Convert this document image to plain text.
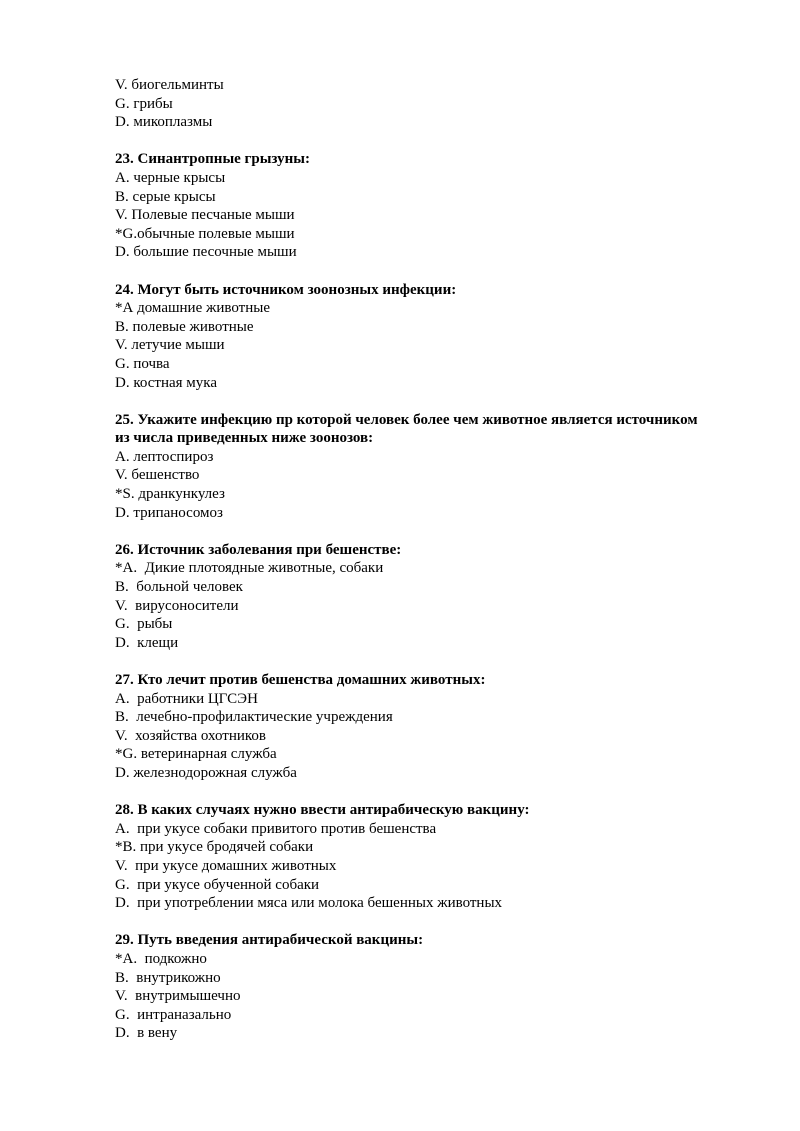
V. биогельминты
G. грибы
D. микоплазмы
23. Синантропные грызуны:
A. черные крысы
B. серые крысы
V. Полевые песчаные мыши
*G.обычные полевые мыши
D. большие песочные мыши
24. Могут быть источником зоонозных инфекции:
*А домашние животные
B. полевые животные
V. летучие мыши
G. почва
D. костная мука
25. Укажите инфекцию пр которой человек более чем животное является источником из числа приведенных ниже зоонозов:
A. лептоспироз
V. бешенство
*S. дранкункулез
D. трипаносомоз
26. Источник заболевания при бешенстве:
*A.  Дикие плотоядные животные, собаки
B.  больной человек
V.  вирусоносители
G.  рыбы
D.  клещи
27. Кто лечит против бешенства домашних животных:
A.  работники ЦГСЭН
B.  лечебно-профилактические учреждения
V.  хозяйства охотников
*G. ветеринарная служба
D. железнодорожная служба
28. В каких случаях нужно ввести антирабическую вакцину:
A.  при укусе собаки привитого против бешенства
*B. при укусе бродячей собаки
V.  при укусе домашних животных
G.  при укусе обученной собаки
D.  при употреблении мяса или молока бешенных животных
29. Путь введения антирабической вакцины:
*A.  подкожно
B.  внутрикожно
V.  внутримышечно
G.  интраназально
D.  в вену
